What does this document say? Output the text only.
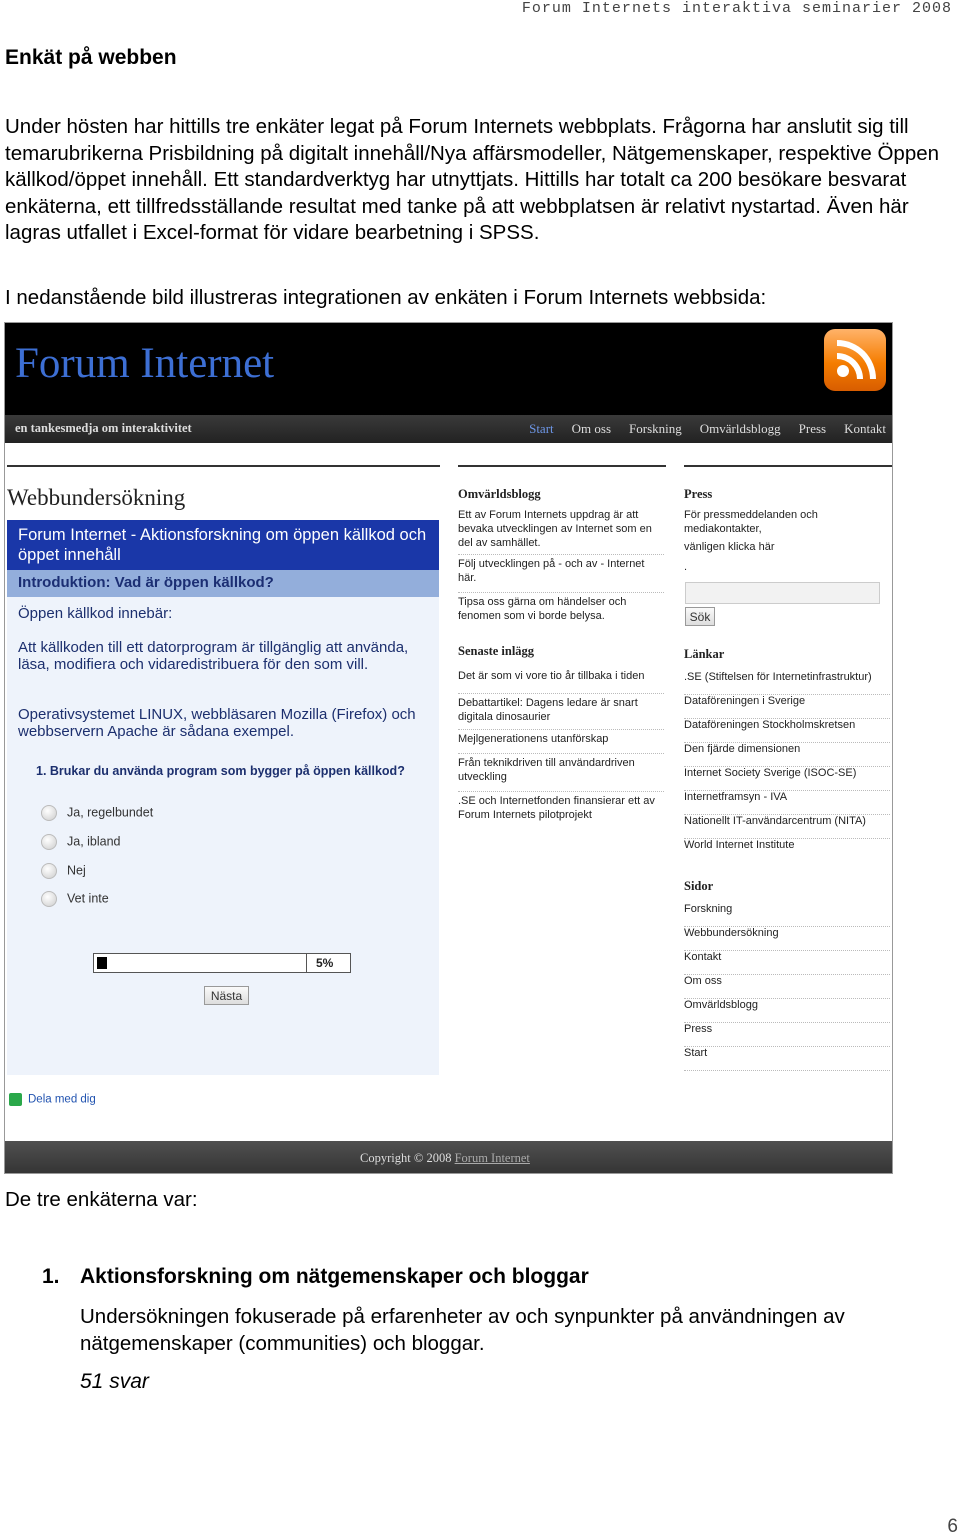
Forum Internets interaktiva seminarier 2008
Enkät på webben
Under hösten har hittills tre enkäter legat på Forum Internets webbplats. Frågorna har anslutit sig till temarubrikerna Prisbildning på digitalt innehåll/Nya affärsmodeller, Nätgemenskaper, respektive Öppen källkod/öppet innehåll. Ett standardverktyg har utnyttjats. Hittills har totalt ca 200 besökare besvarat enkäterna, ett tillfredsställande resultat med tanke på att webbplatsen är relativt nystartad. Även här lagras utfallet i Excel-format för vidare bearbetning i SPSS.
I nedanstående bild illustreras integrationen av enkäten i Forum Internets webbsida:
Forum Internet
en tankesmedja om interaktivitet	Start Om oss Forskning Omvärldsblogg Press Kontakt
Webbundersökning
Forum Internet - Aktionsforskning om öppen källkod och öppet innehåll
Introduktion: Vad är öppen källkod?
Öppen källkod innebär:
Att källkoden till ett datorprogram är tillgänglig att använda, läsa, modifiera och vidaredistribuera för den som vill.
Operativsystemet LINUX, webbläsaren Mozilla (Firefox) och webbservern Apache är sådana exempel.
1. Brukar du använda program som bygger på öppen källkod?
Ja, regelbundet
Ja, ibland
Nej
Vet inte
5%
Nästa
Dela med dig
Omvärldsblogg
Ett av Forum Internets uppdrag är att bevaka utvecklingen av Internet som en del av samhället.
Följ utvecklingen på - och av - Internet här.
Tipsa oss gärna om händelser och fenomen som vi borde belysa.
Senaste inlägg
Det är som vi vore tio år tillbaka i tiden
Debattartikel: Dagens ledare är snart digitala dinosaurier
Mejlgenerationens utanförskap
Från teknikdriven till användardriven utveckling
.SE och Internetfonden finansierar ett av Forum Internets pilotprojekt
Press
För pressmeddelanden och mediakontakter,
vänligen klicka här
.
Sök
Länkar
.SE (Stiftelsen för Internetinfrastruktur)
Dataföreningen i Sverige
Dataföreningen Stockholmskretsen
Den fjärde dimensionen
Internet Society Sverige (ISOC-SE)
Internetframsyn - IVA
Nationellt IT-användarcentrum (NITA)
World Internet Institute
Sidor
Forskning
Webbundersökning
Kontakt
Om oss
Omvärldsblogg
Press
Start
Copyright © 2008 Forum Internet
De tre enkäterna var:
1. Aktionsforskning om nätgemenskaper och bloggar
Undersökningen fokuserade på erfarenheter av och synpunkter på användningen av nätgemenskaper (communities) och bloggar.
51 svar
6
